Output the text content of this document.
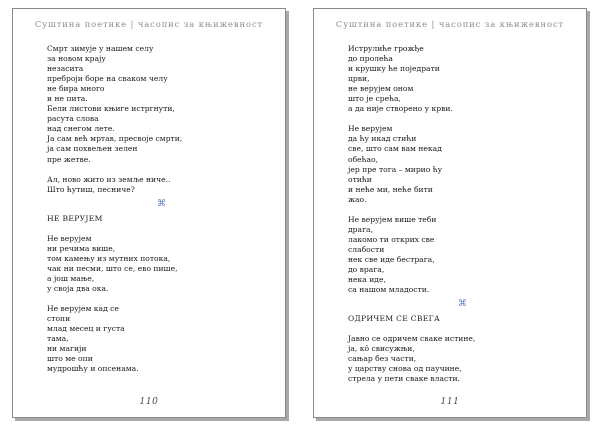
Суштина поетике | часопис за књижевност
Смрт зимује у нашем селу
за новом крају
незасита
преброји боре на сваком челу
не бира много
и не пита.
Бели листови књиге истргнути,
расута слова
над снегом лете.
Ја сам већ мртав, пресвојe смрти,
ја сам похвељен зелен
пре жетве.
Ал, ново жито из земље ниче..
Што ћутиш, песниче?
⌘
НЕ ВЕРУЈЕМ
Не верујем
ни речима више,
том камењу из мутних потока,
чак ни песми, што се, ево пише,
а још мање,
у своја два ока.
Не верујем кад се
стопи
млад месец и густа
тама,
ни магији
што ме опи
мудрошћу и опсенама.
110
Суштина поетике | часопис за књижевност
Иструлиће грожђе
до пролећа
и крушку ће поједрати
црви,
не верујем оном
што је срећа,
а да није створено у крви.
Не верујем
да ћу икад стићи
све, што сам вам некад
обећао,
јер пре тога – мирио ћу
отићи
и неће ми, неће бити
жао.
Не верујем више теби
драга,
лакомо ти открих све
слабости
нек све иде бестрага,
до врага,
нека иде,
са нашом младости.
⌘
ОДРИЧЕМ СЕ СВЕГА
Јавно се одричем сваке истине,
ја, кô свисужњи,
сањар без части,
у царству снова од паучине,
стрела у пети сваке власти.
111
